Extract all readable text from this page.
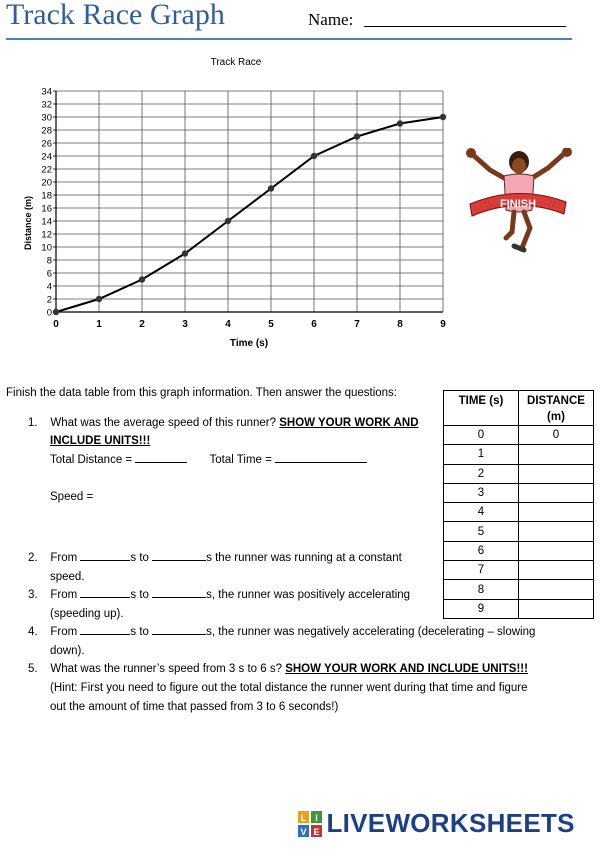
Track Race Graph	Name:
Track Race
0	1	2	3	4	5	6	7	8	9
0
2
4
6
8
10
12
14
16
18
20
22
24
26
28
30
32
34
Time (s)
Distance (m)	FINISH
Finish the data table from this graph information. Then answer the questions:
1. What was the average speed of this runner? SHOW YOUR WORK AND
INCLUDE UNITS!!!
Total Distance =	Total Time =
Speed =
2. From	s to	s the runner was running at a constant
speed.
3. From	s to	s, the runner was positively accelerating
(speeding up).
4. From	s to	s, the runner was negatively accelerating (decelerating – slowing
down).
5. What was the runner’s speed from 3 s to 6 s? SHOW YOUR WORK AND INCLUDE UNITS!!!
(Hint: First you need to figure out the total distance the runner went during that time and figure
out the amount of time that passed from 3 to 6 seconds!)
TIME (s)	DISTANCE
(m)
0	0
1	
2	
3	
4	
5	
6	
7	
8	
9	
L I
V E LIVEWORKSHEETS
